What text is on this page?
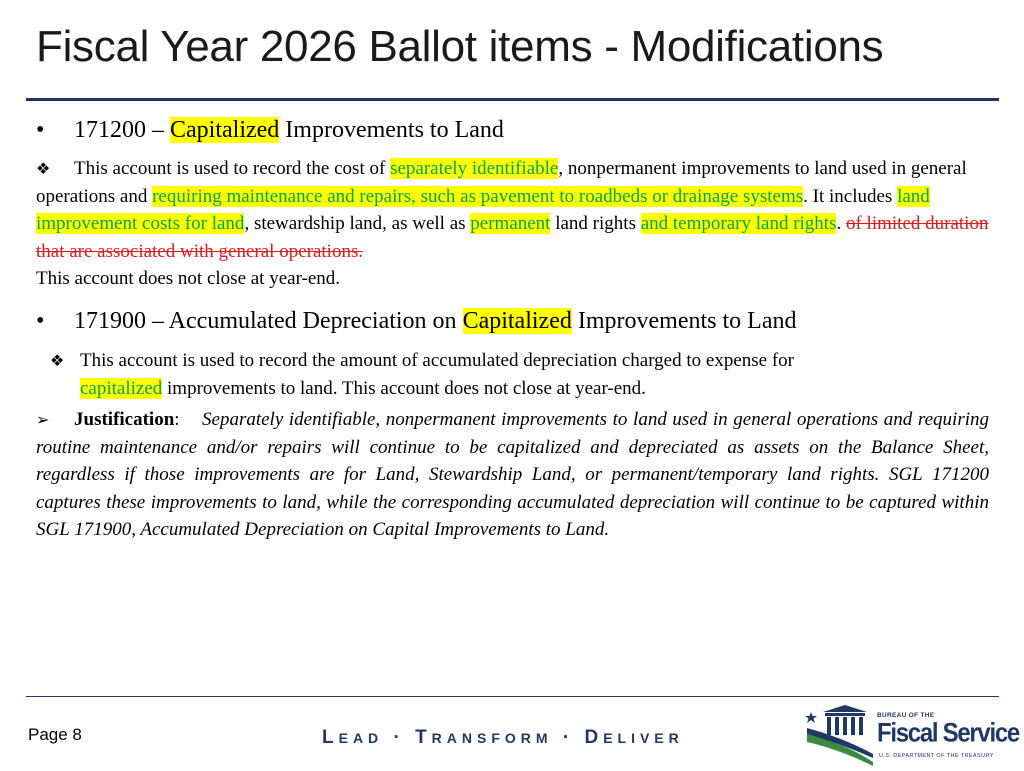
Fiscal Year 2026 Ballot items - Modifications
• 171200 – Capitalized Improvements to Land
❖ This account is used to record the cost of separately identifiable, nonpermanent improvements to land used in general operations and requiring maintenance and repairs, such as pavement to roadbeds or drainage systems. It includes land improvement costs for land, stewardship land, as well as permanent land rights and temporary land rights. of limited duration that are associated with general operations.
This account does not close at year-end.
• 171900 – Accumulated Depreciation on Capitalized Improvements to Land
❖ This account is used to record the amount of accumulated depreciation charged to expense for
capitalized improvements to land. This account does not close at year-end.
➢ Justification: Separately identifiable, nonpermanent improvements to land used in general operations and requiring routine maintenance and/or repairs will continue to be capitalized and depreciated as assets on the Balance Sheet, regardless if those improvements are for Land, Stewardship Land, or permanent/temporary land rights. SGL 171200 captures these improvements to land, while the corresponding accumulated depreciation will continue to be captured within SGL 171900, Accumulated Depreciation on Capital Improvements to Land.
Page 8	LEAD · TRANSFORM · DELIVER
BUREAU OF THE
Fiscal Service
U.S. DEPARTMENT OF THE TREASURY
